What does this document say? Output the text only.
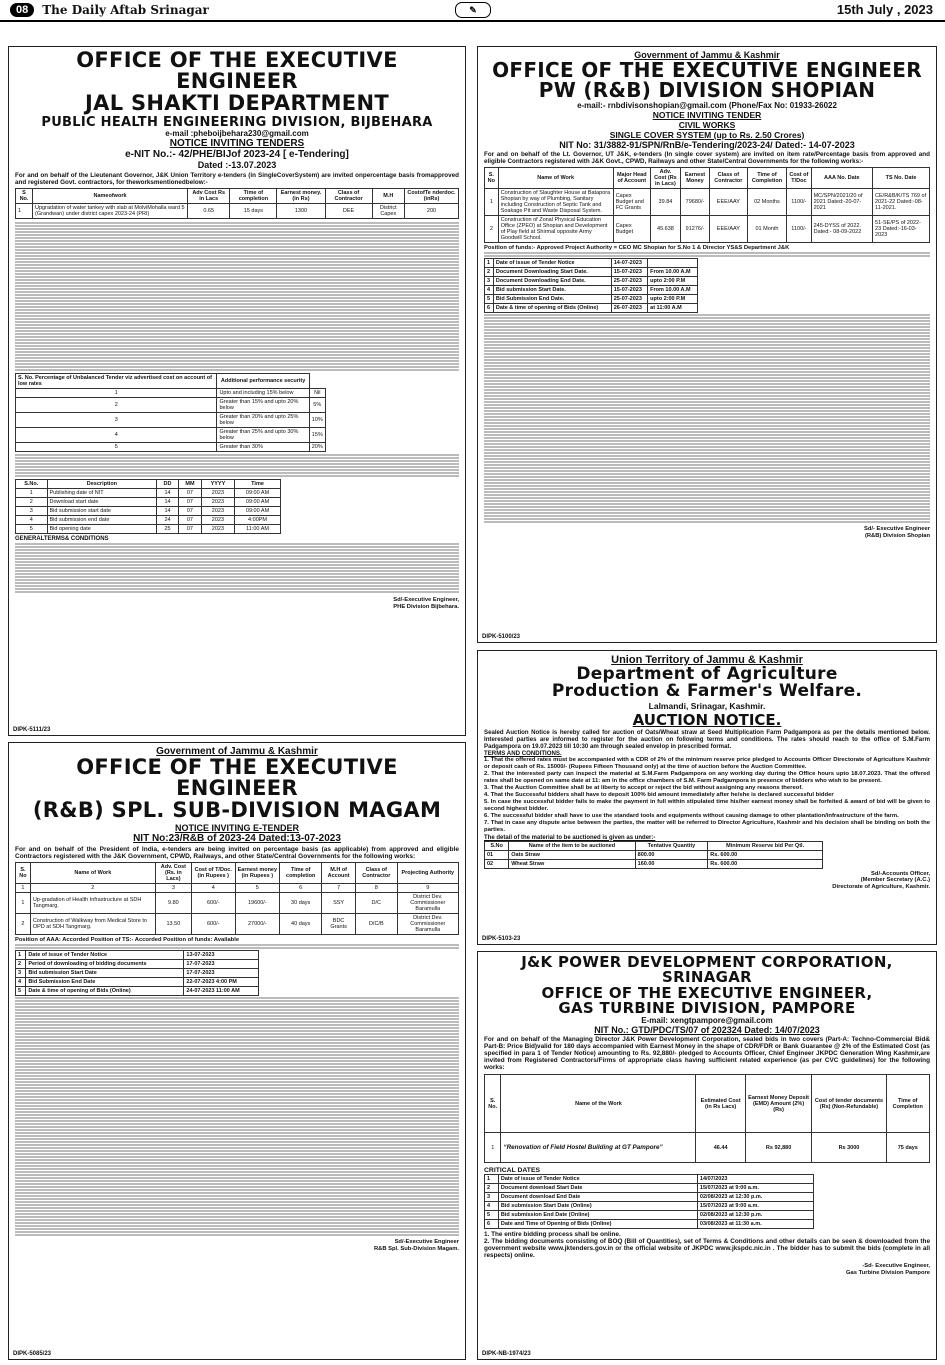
08	The Daily Aftab Srinagar	✎	15th July , 2023
OFFICE OF THE EXECUTIVE ENGINEER
JAL SHAKTI DEPARTMENT
PUBLIC HEALTH ENGINEERING DIVISION, BIJBEHARA
e-mail :pheboijbehara230@gmail.com
NOTICE INVITING TENDERS
e-NIT No.:- 42/PHE/BIJof 2023-24 [ e-Tendering]
Dated :-13.07.2023
For and on behalf of the Lieutenant Governor, J&K Union Territory e-tenders (in SingleCoverSystem) are invited onpercentage basis fromapproved and registered Govt. contractors, for theworksmentionedbelow:-
S No.	Nameofwork	Adv Cost Rs in Lacs	Time of completion	Earnest money.(in Rs)	Class of Contractor	M.H	CostofTe nderdoc. (inRs)
1	Upgradation of water tankey with slab at MolviMohalla ward 5 (Grandwan) under district capex 2023-24 (PRI)	0.65	15 days	1300	DEE	District Capex	200
S. No. Percentage of Unbalanced Tender viz advertised cost on account of low rates	Additional performance security	
1	Upto and including 15% below	Nil
2	Greater than 15% and upto 20% below	5%
3	Greater than 20% and upto 25% below	10%
4	Greater than 25% and upto 30% below	15%
5	Greater than 30%	20%
S.No.	Description	DD	MM	YYYY	Time
1	Publishing date of NIT	14	07	2023	09:00 AM
2	Download start date	14	07	2023	09:00 AM
3	Bid submission start date	14	07	2023	09:00 AM
4	Bid submission end date	24	07	2023	4:00PM
5	Bid opening date	25	07	2023	11:00 AM
GENERALTERMS& CONDITIONS
Sd/-Executive Engineer,
PHE Division Bijbehara.
DIPK-5111/23
Government of Jammu & Kashmir
OFFICE OF THE EXECUTIVE ENGINEER
PW (R&B) DIVISION SHOPIAN
e-mail:- rnbdivisonshopian@gmail.com (Phone/Fax No: 01933-26022
NOTICE INVITING TENDER
CIVIL WORKS
SINGLE COVER SYSTEM (up to Rs. 2.50 Crores)
NIT No: 31/3882-91/SPN/RnB/e-Tendering/2023-24/ Dated:- 14-07-2023
For and on behalf of the Lt. Governor, UT J&K, e-tenders (In single cover system) are invited on item rate/Percentage basis from approved and eligible Contractors registered with J&K Govt., CPWD, Railways and other State/Central Governments for the following works:-
S. No	Name of Work	Major Head of Account	Adv. Cost (Rs in Lacs)	Earnest Money	Class of Contractor	Time of Completion	Cost of T/Doc	AAA No. Date	TS No. Date
1	Construction of Slaughter House at Batapora Shopian by way of Plumbing, Sanitary including Construction of Septic Tank and Soakage Pit and Waste Disposal System.	Capex Budget and FC Grants	39.84	79680/-	EEE/AAY	02 Months	1100/-	MC/SPN/2021/20 of 2021 Dated:-20-07-2021	CE/R&B/K/TS 769 of 2021-22 Dated:-08-11-2021.
2	Construction of Zonal Physical Education Office (ZPEO) at Shopian and Development of Play field at Shirmal opposite Army Goodwill School.	Capex Budget	45.638	91276/-	EEE/AAY	01 Month	1100/-	245-DYSS of 2022. Dated:- 08-09-2022	51-SE/PS of 2022-23 Dated:-16-03-2023
Position of funds:- Approved Project Authority = CEO MC Shopian for S.No 1 & Director YS&S Department J&K
1	Date of issue of Tender Notice	14-07-2023	
2	Document Downloading Start Date.	15-07-2023	From 10.00 A.M
3	Document Downloading End Date.	25-07-2023	upto 2:00 P.M
4	Bid submission Start Date.	15-07-2023	From 10.00 A.M
5	Bid Submission End Date.	25-07-2023	upto 2:00 P.M
6	Date & time of opening of Bids (Online)	26-07-2023	at 11:00 A.M
Sd/- Executive Engineer
(R&B) Division Shopian
DIPK-5100/23
Government of Jammu & Kashmir
OFFICE OF THE EXECUTIVE ENGINEER
(R&B) SPL. SUB-DIVISION MAGAM
NOTICE INVITING E-TENDER
NIT No:23/R&B of 2023-24 Dated:13-07-2023
For and on behalf of the President of India, e-tenders are being invited on percentage basis (as applicable) from approved and eligible Contractors registered with the J&K Government, CPWD, Railways, and other State/Central Governments for the following works:
S. No	Name of Work	Adv. Cost (Rs. in Lacs)	Cost of T/Doc. (in Rupees )	Earnest money (in Rupees )	Time of completion	M.H of Account	Class of Contractor	Projecting Authority
1	2	3	4	5	6	7	8	9
1	Up-gradation of Health Infrastructure at SDH Tangmarg.	9.80	600/-	19600/-	30 days	SSY	D/C	District Dev. Commissioner Baramulla
2	Construction of Walkway from Medical Store to OPD at SDH Tangmarg.	13.50	600/-	27000/-	40 days	BDC Grants	D/C/B	District Dev. Commissioner Baramulla
Position of AAA: Accorded Position of TS:- Accorded Position of funds: Available
1	Date of issue of Tender Notice	13-07-2023
2	Period of downloading of bidding documents	17-07-2023
3	Bid submission Start Date	17-07-2023
4	Bid Submission End Date	22-07-2023 4:00 PM
5	Date & time of opening of Bids (Online)	24-07-2023 11:00 AM
Sd/-Executive Engineer
R&B Spl. Sub-Division Magam.
DIPK-5085/23
Union Territory of Jammu & Kashmir
Department of Agriculture
Production & Farmer's Welfare.
Lalmandi, Srinagar, Kashmir.
AUCTION NOTICE.
Sealed Auction Notice is hereby called for auction of Oats/Wheat straw at Seed Multiplication Farm Padgampora as per the details mentioned below. Interested parties are informed to register for the auction on following terms and conditions. The rates should reach to the office of S.M.Farm Padgampora on 19.07.2023 till 10:30 am through sealed envelop in prescribed format.
TERMS AND CONDITIONS.
1. That the offered rates must be accompanied with a CDR of 2% of the minimum reserve price pledged to Accounts Officer Directorate of Agriculture Kashmir or deposit cash of Rs. 15000/- (Rupees Fifteen Thousand only) at the time of auction before the Auction Committee.
2. That the interested party can inspect the material at S.M.Farm Padgampora on any working day during the Office hours upto 18.07.2023. That the offered rates shall be opened on same date at 11: am in the office chambers of S.M. Farm Padgampora in presence of bidders who wish to be present.
3. That the Auction Committee shall be at liberty to accept or reject the bid without assigning any reasons thereof.
4. That the Successful bidders shall have to deposit 100% bid amount immediately after he/she is declared successful bidder
5. In case the successful bidder fails to make the payment in full within stipulated time his/her earnest money shall be forfeited & award of bid will be given to second highest bidder.
6. The successful bidder shall have to use the standard tools and equipments without causing damage to other plantation/infrastructure of the farm.
7. That in case any dispute arise between the parties, the matter will be referred to Director Agriculture, Kashmir and his decision shall be binding on both the parties.
The detail of the material to be auctioned is given as under:-
S.No	Name of the item to be auctioned	Tentative Quantity	Minimum Reserve bid Per Qtl.
01	Oats Straw	800.00	Rs. 600.00
02	Wheat Straw	160.00	Rs. 600.00
Sd/-Accounts Officer,
(Member Secretary (A.C.)
Directorate of Agriculture, Kashmir.
DIPK-5103-23
J&K POWER DEVELOPMENT CORPORATION, SRINAGAR
OFFICE OF THE EXECUTIVE ENGINEER,
GAS TURBINE DIVISION, PAMPORE
E-mail: xengtpampore@gmail.com
NIT No.: GTD/PDC/TS/07 of 202324 Dated: 14/07/2023
For and on behalf of the Managing Director J&K Power Development Corporation, sealed bids in two covers (Part-A: Techno-Commercial Bid& Part-B: Price Bid)valid for 180 days accompanied with Earnest Money in the shape of CDR/FDR or Bank Guarantee @ 2% of the Estimated Cost (as specified in para 1 of Tender Notice) amounting to Rs. 92,880/- pledged to Accounts Officer, Chief Engineer JKPDC Generation Wing Kashmir,are invited from Registered Contractors/Firms of appropriate class having sufficient related experience (as per CVC guidelines) for the following works:
S. No.	Name of the Work	Estimated Cost (in Rs Lacs)	Earnest Money Deposit (EMD) Amount (2%) (Rs)	Cost of tender documents (Rs) (Non-Refundable)	Time of Completion
1	“Renovation of Field Hostel Building at GT Pampore”	46.44	Rs 92,880	Rs 3000	75 days
CRITICAL DATES
1	Date of issue of Tender Notice	14/07/2023
2	Document download Start Date	15/07/2023 at 9:00 a.m.
3	Document download End Date	02/08/2023 at 12:30 p.m.
4	Bid submission Start Date (Online)	15/07/2023 at 9:00 a.m.
5	Bid submission End Date (Online)	02/08/2023 at 12:30 p.m.
6	Date and Time of Opening of Bids (Online)	03/08/2023 at 11:30 a.m.
1. The entire bidding process shall be online.
2. The bidding documents consisting of BOQ (Bill of Quantities), set of Terms & Conditions and other details can be seen & downloaded from the government website www.jktenders.gov.in or the official website of JKPDC www.jkspdc.nic.in . The bidder has to submit the bids (complete in all respects) online.
-Sd- Executive Engineer,
Gas Turbine Division Pampore
DIPK-NB-1974/23
